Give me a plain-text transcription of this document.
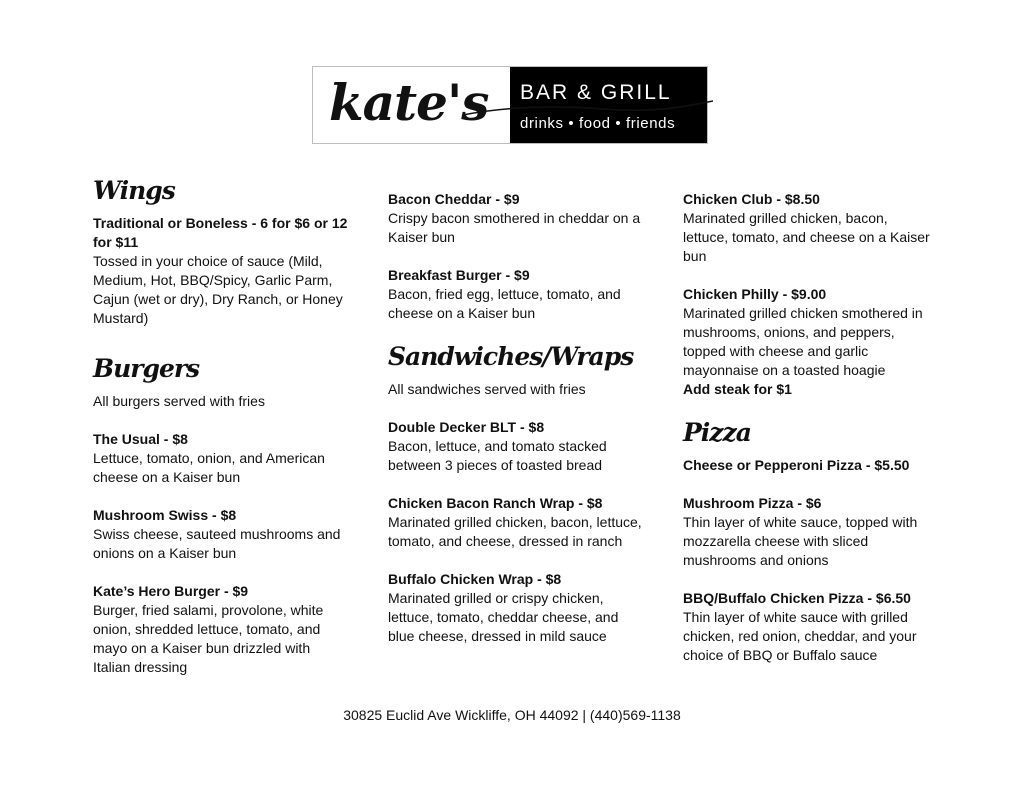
kate's BAR & GRILL
drinks • food • friends
Wings
Traditional or Boneless - 6 for $6 or 12 for $11
Tossed in your choice of sauce (Mild, Medium, Hot, BBQ/Spicy, Garlic Parm, Cajun (wet or dry), Dry Ranch, or Honey Mustard)
Burgers
All burgers served with fries
The Usual - $8
Lettuce, tomato, onion, and American cheese on a Kaiser bun
Mushroom Swiss - $8
Swiss cheese, sauteed mushrooms and onions on a Kaiser bun
Kate’s Hero Burger - $9
Burger, fried salami, provolone, white onion, shredded lettuce, tomato, and mayo on a Kaiser bun drizzled with Italian dressing
Bacon Cheddar - $9
Crispy bacon smothered in cheddar on a Kaiser bun
Breakfast Burger - $9
Bacon, fried egg, lettuce, tomato, and cheese on a Kaiser bun
Sandwiches/Wraps
All sandwiches served with fries
Double Decker BLT - $8
Bacon, lettuce, and tomato stacked between 3 pieces of toasted bread
Chicken Bacon Ranch Wrap - $8
Marinated grilled chicken, bacon, lettuce, tomato, and cheese, dressed in ranch
Buffalo Chicken Wrap - $8
Marinated grilled or crispy chicken, lettuce, tomato, cheddar cheese, and blue cheese, dressed in mild sauce
Chicken Club - $8.50
Marinated grilled chicken, bacon, lettuce, tomato, and cheese on a Kaiser bun
Chicken Philly - $9.00
Marinated grilled chicken smothered in mushrooms, onions, and peppers, topped with cheese and garlic mayonnaise on a toasted hoagie
Add steak for $1
Pizza
Cheese or Pepperoni Pizza - $5.50
Mushroom Pizza - $6
Thin layer of white sauce, topped with mozzarella cheese with sliced mushrooms and onions
BBQ/Buffalo Chicken Pizza - $6.50
Thin layer of white sauce with grilled chicken, red onion, cheddar, and your choice of BBQ or Buffalo sauce
30825 Euclid Ave Wickliffe, OH 44092 | (440)569-1138
